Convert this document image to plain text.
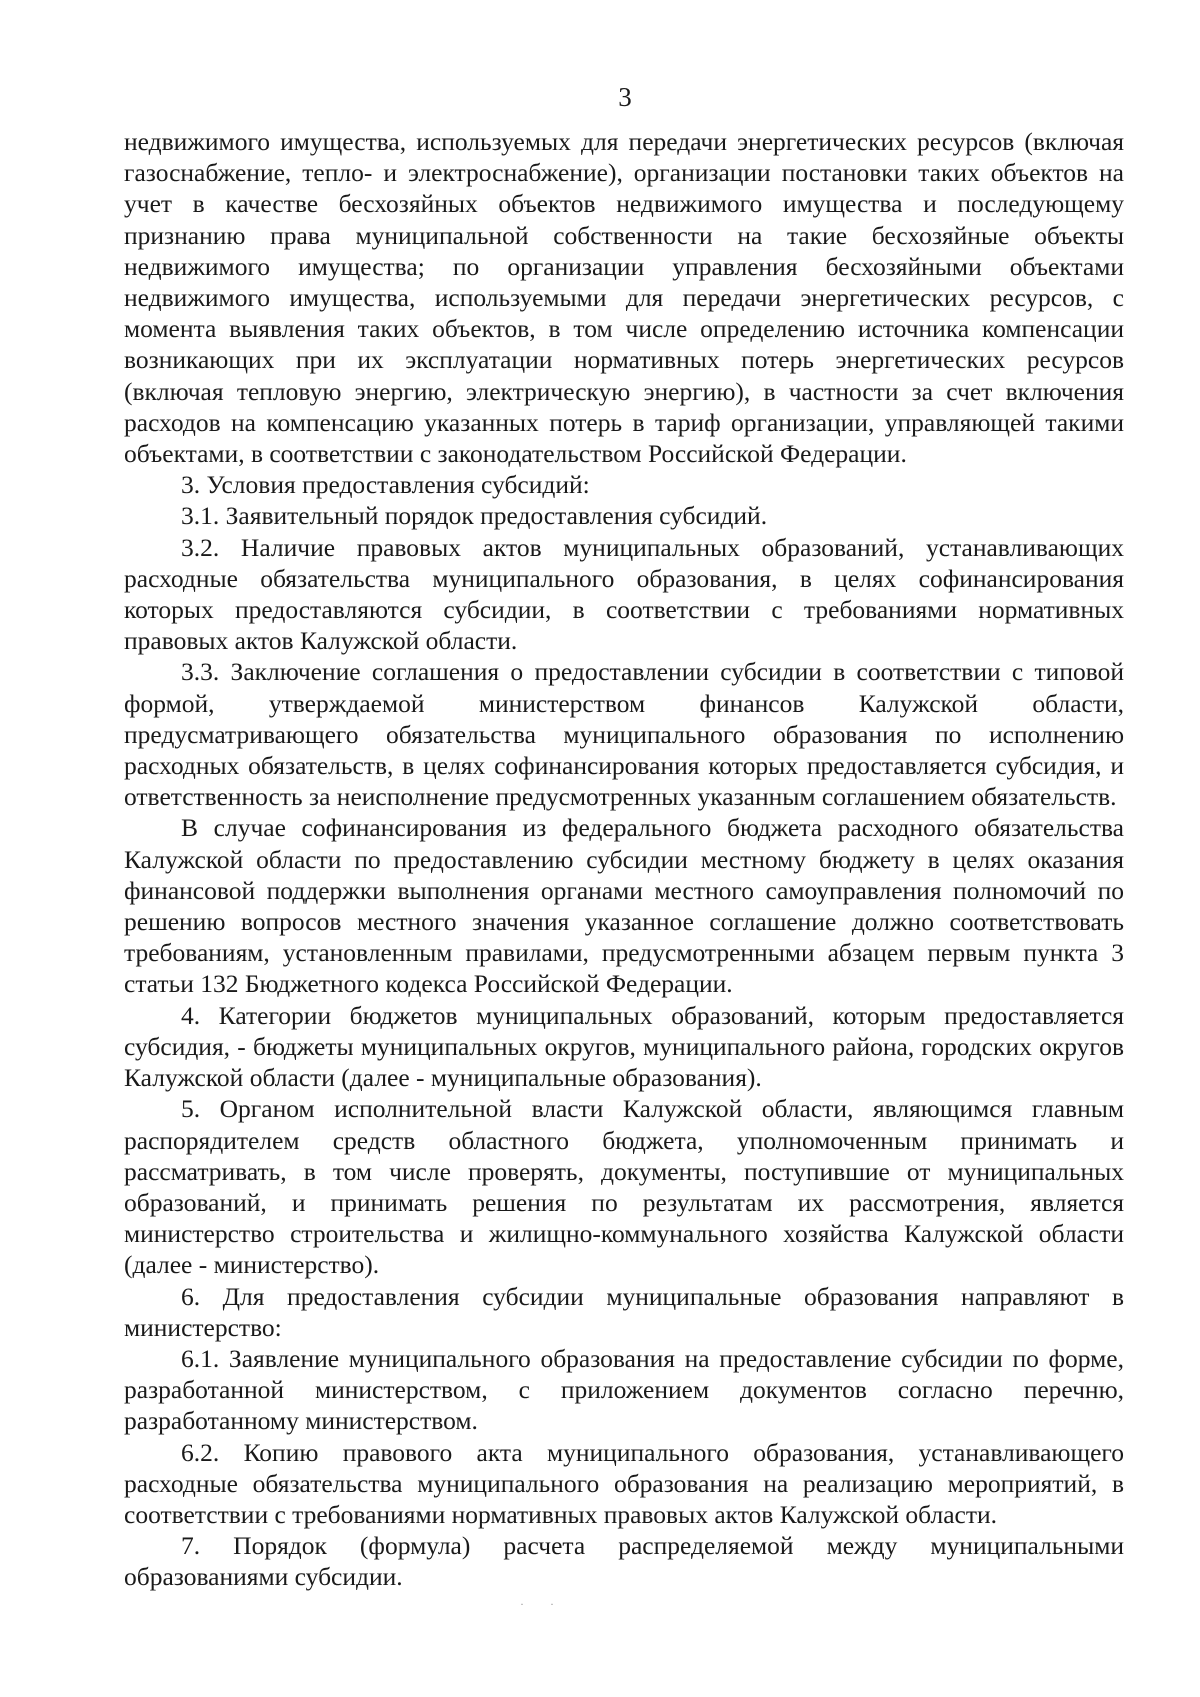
3

недвижимого имущества, используемых для передачи энергетических ресурсов (включая газоснабжение, тепло- и электроснабжение), организации постановки таких объектов на учет в качестве бесхозяйных объектов недвижимого имущества и последующему признанию права муниципальной собственности на такие бесхозяйные объекты недвижимого имущества; по организации управления бесхозяйными объектами недвижимого имущества, используемыми для передачи энергетических ресурсов, с момента выявления таких объектов, в том числе определению источника компенсации возникающих при их эксплуатации нормативных потерь энергетических ресурсов (включая тепловую энергию, электрическую энергию), в частности за счет включения расходов на компенсацию указанных потерь в тариф организации, управляющей такими объектами, в соответствии с законодательством Российской Федерации.

3. Условия предоставления субсидий:

3.1. Заявительный порядок предоставления субсидий.

3.2. Наличие правовых актов муниципальных образований, устанавливающих расходные обязательства муниципального образования, в целях софинансирования которых предоставляются субсидии, в соответствии с требованиями нормативных правовых актов Калужской области.

3.3. Заключение соглашения о предоставлении субсидии в соответствии с типовой формой, утверждаемой министерством финансов Калужской области, предусматривающего обязательства муниципального образования по исполнению расходных обязательств, в целях софинансирования которых предоставляется субсидия, и ответственность за неисполнение предусмотренных указанным соглашением обязательств.

В случае софинансирования из федерального бюджета расходного обязательства Калужской области по предоставлению субсидии местному бюджету в целях оказания финансовой поддержки выполнения органами местного самоуправления полномочий по решению вопросов местного значения указанное соглашение должно соответствовать требованиям, установленным правилами, предусмотренными абзацем первым пункта 3 статьи 132 Бюджетного кодекса Российской Федерации.

4. Категории бюджетов муниципальных образований, которым предоставляется субсидия, - бюджеты муниципальных округов, муниципального района, городских округов Калужской области (далее - муниципальные образования).

5. Органом исполнительной власти Калужской области, являющимся главным распорядителем средств областного бюджета, уполномоченным принимать и рассматривать, в том числе проверять, документы, поступившие от муниципальных образований, и принимать решения по результатам их рассмотрения, является министерство строительства и жилищно-коммунального хозяйства Калужской области (далее - министерство).

6. Для предоставления субсидии муниципальные образования направляют в министерство:

6.1. Заявление муниципального образования на предоставление субсидии по форме, разработанной министерством, с приложением документов согласно перечню, разработанному министерством.

6.2. Копию правового акта муниципального образования, устанавливающего расходные обязательства муниципального образования на реализацию мероприятий, в соответствии с требованиями нормативных правовых актов Калужской области.

7. Порядок (формула) расчета распределяемой между муниципальными образованиями субсидии.

··
